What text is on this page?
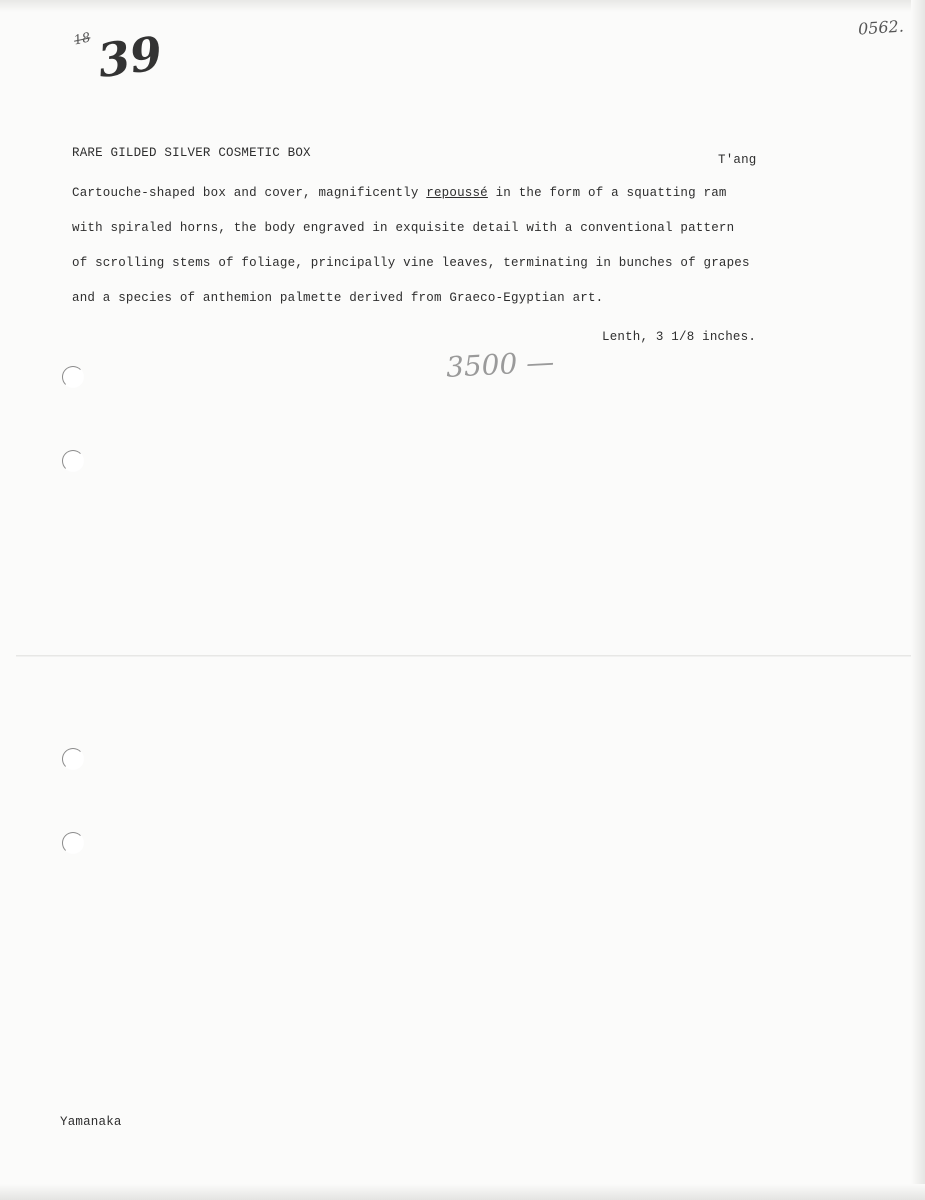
0562.
18 39
RARE GILDED SILVER COSMETIC BOX	T'ang
Cartouche-shaped box and cover, magnificently repoussé in the form of a squatting ram
with spiraled horns, the body engraved in exquisite detail with a conventional pattern
of scrolling stems of foliage, principally vine leaves, terminating in bunches of grapes
and a species of anthemion palmette derived from Graeco-Egyptian art.
Lenth, 3 1/8 inches.
3500 —
Yamanaka
